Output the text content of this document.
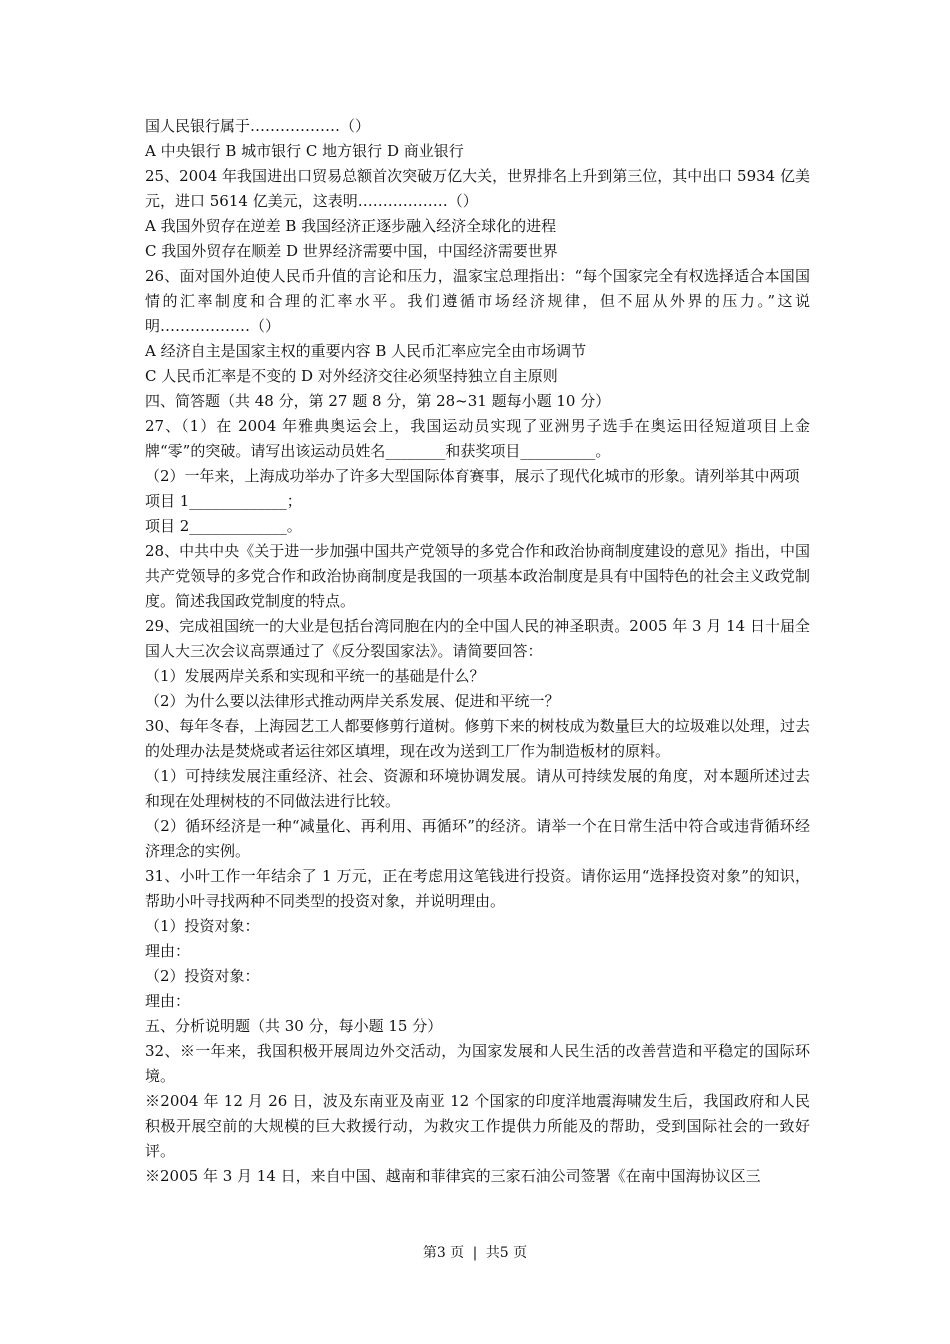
国人民银行属于………………（）

A 中央银行 B 城市银行 C 地方银行 D 商业银行

25、2004 年我国进出口贸易总额首次突破万亿大关，世界排名上升到第三位，其中出口 5934 亿美元，进口 5614 亿美元，这表明………………（）

A 我国外贸存在逆差 B 我国经济正逐步融入经济全球化的进程

C 我国外贸存在顺差 D 世界经济需要中国，中国经济需要世界

26、面对国外迫使人民币升值的言论和压力，温家宝总理指出：“每个国家完全有权选择适合本国国情的汇率制度和合理的汇率水平。我们遵循市场经济规律，但不屈从外界的压力。”这说明………………（）

A 经济自主是国家主权的重要内容 B 人民币汇率应完全由市场调节

C 人民币汇率是不变的 D 对外经济交往必须坚持独立自主原则

四、简答题（共 48 分，第 27 题 8 分，第 28~31 题每小题 10 分）

27、（1）在 2004 年雅典奥运会上，我国运动员实现了亚洲男子选手在奥运田径短道项目上金牌“零”的突破。请写出该运动员姓名________和获奖项目__________。

（2）一年来，上海成功举办了许多大型国际体育赛事，展示了现代化城市的形象。请列举其中两项

项目 1_____________；

项目 2_____________。

28、中共中央《关于进一步加强中国共产党领导的多党合作和政治协商制度建设的意见》指出，中国共产党领导的多党合作和政治协商制度是我国的一项基本政治制度是具有中国特色的社会主义政党制度。简述我国政党制度的特点。

29、完成祖国统一的大业是包括台湾同胞在内的全中国人民的神圣职责。2005 年 3 月 14 日十届全国人大三次会议高票通过了《反分裂国家法》。请简要回答：

（1）发展两岸关系和实现和平统一的基础是什么？

（2）为什么要以法律形式推动两岸关系发展、促进和平统一？

30、每年冬春，上海园艺工人都要修剪行道树。修剪下来的树枝成为数量巨大的垃圾难以处理，过去的处理办法是焚烧或者运往郊区填埋，现在改为送到工厂作为制造板材的原料。

（1）可持续发展注重经济、社会、资源和环境协调发展。请从可持续发展的角度，对本题所述过去和现在处理树枝的不同做法进行比较。

（2）循环经济是一种“减量化、再利用、再循环”的经济。请举一个在日常生活中符合或违背循环经济理念的实例。

31、小叶工作一年结余了 1 万元，正在考虑用这笔钱进行投资。请你运用“选择投资对象”的知识，帮助小叶寻找两种不同类型的投资对象，并说明理由。

（1）投资对象：

理由：

（2）投资对象：

理由：

五、分析说明题（共 30 分，每小题 15 分）

32、※一年来，我国积极开展周边外交活动，为国家发展和人民生活的改善营造和平稳定的国际环境。

※2004 年 12 月 26 日，波及东南亚及南亚 12 个国家的印度洋地震海啸发生后，我国政府和人民积极开展空前的大规模的巨大救援行动，为救灾工作提供力所能及的帮助，受到国际社会的一致好评。

※2005 年 3 月 14 日，来自中国、越南和菲律宾的三家石油公司签署《在南中国海协议区三

第3 页 | 共5 页
